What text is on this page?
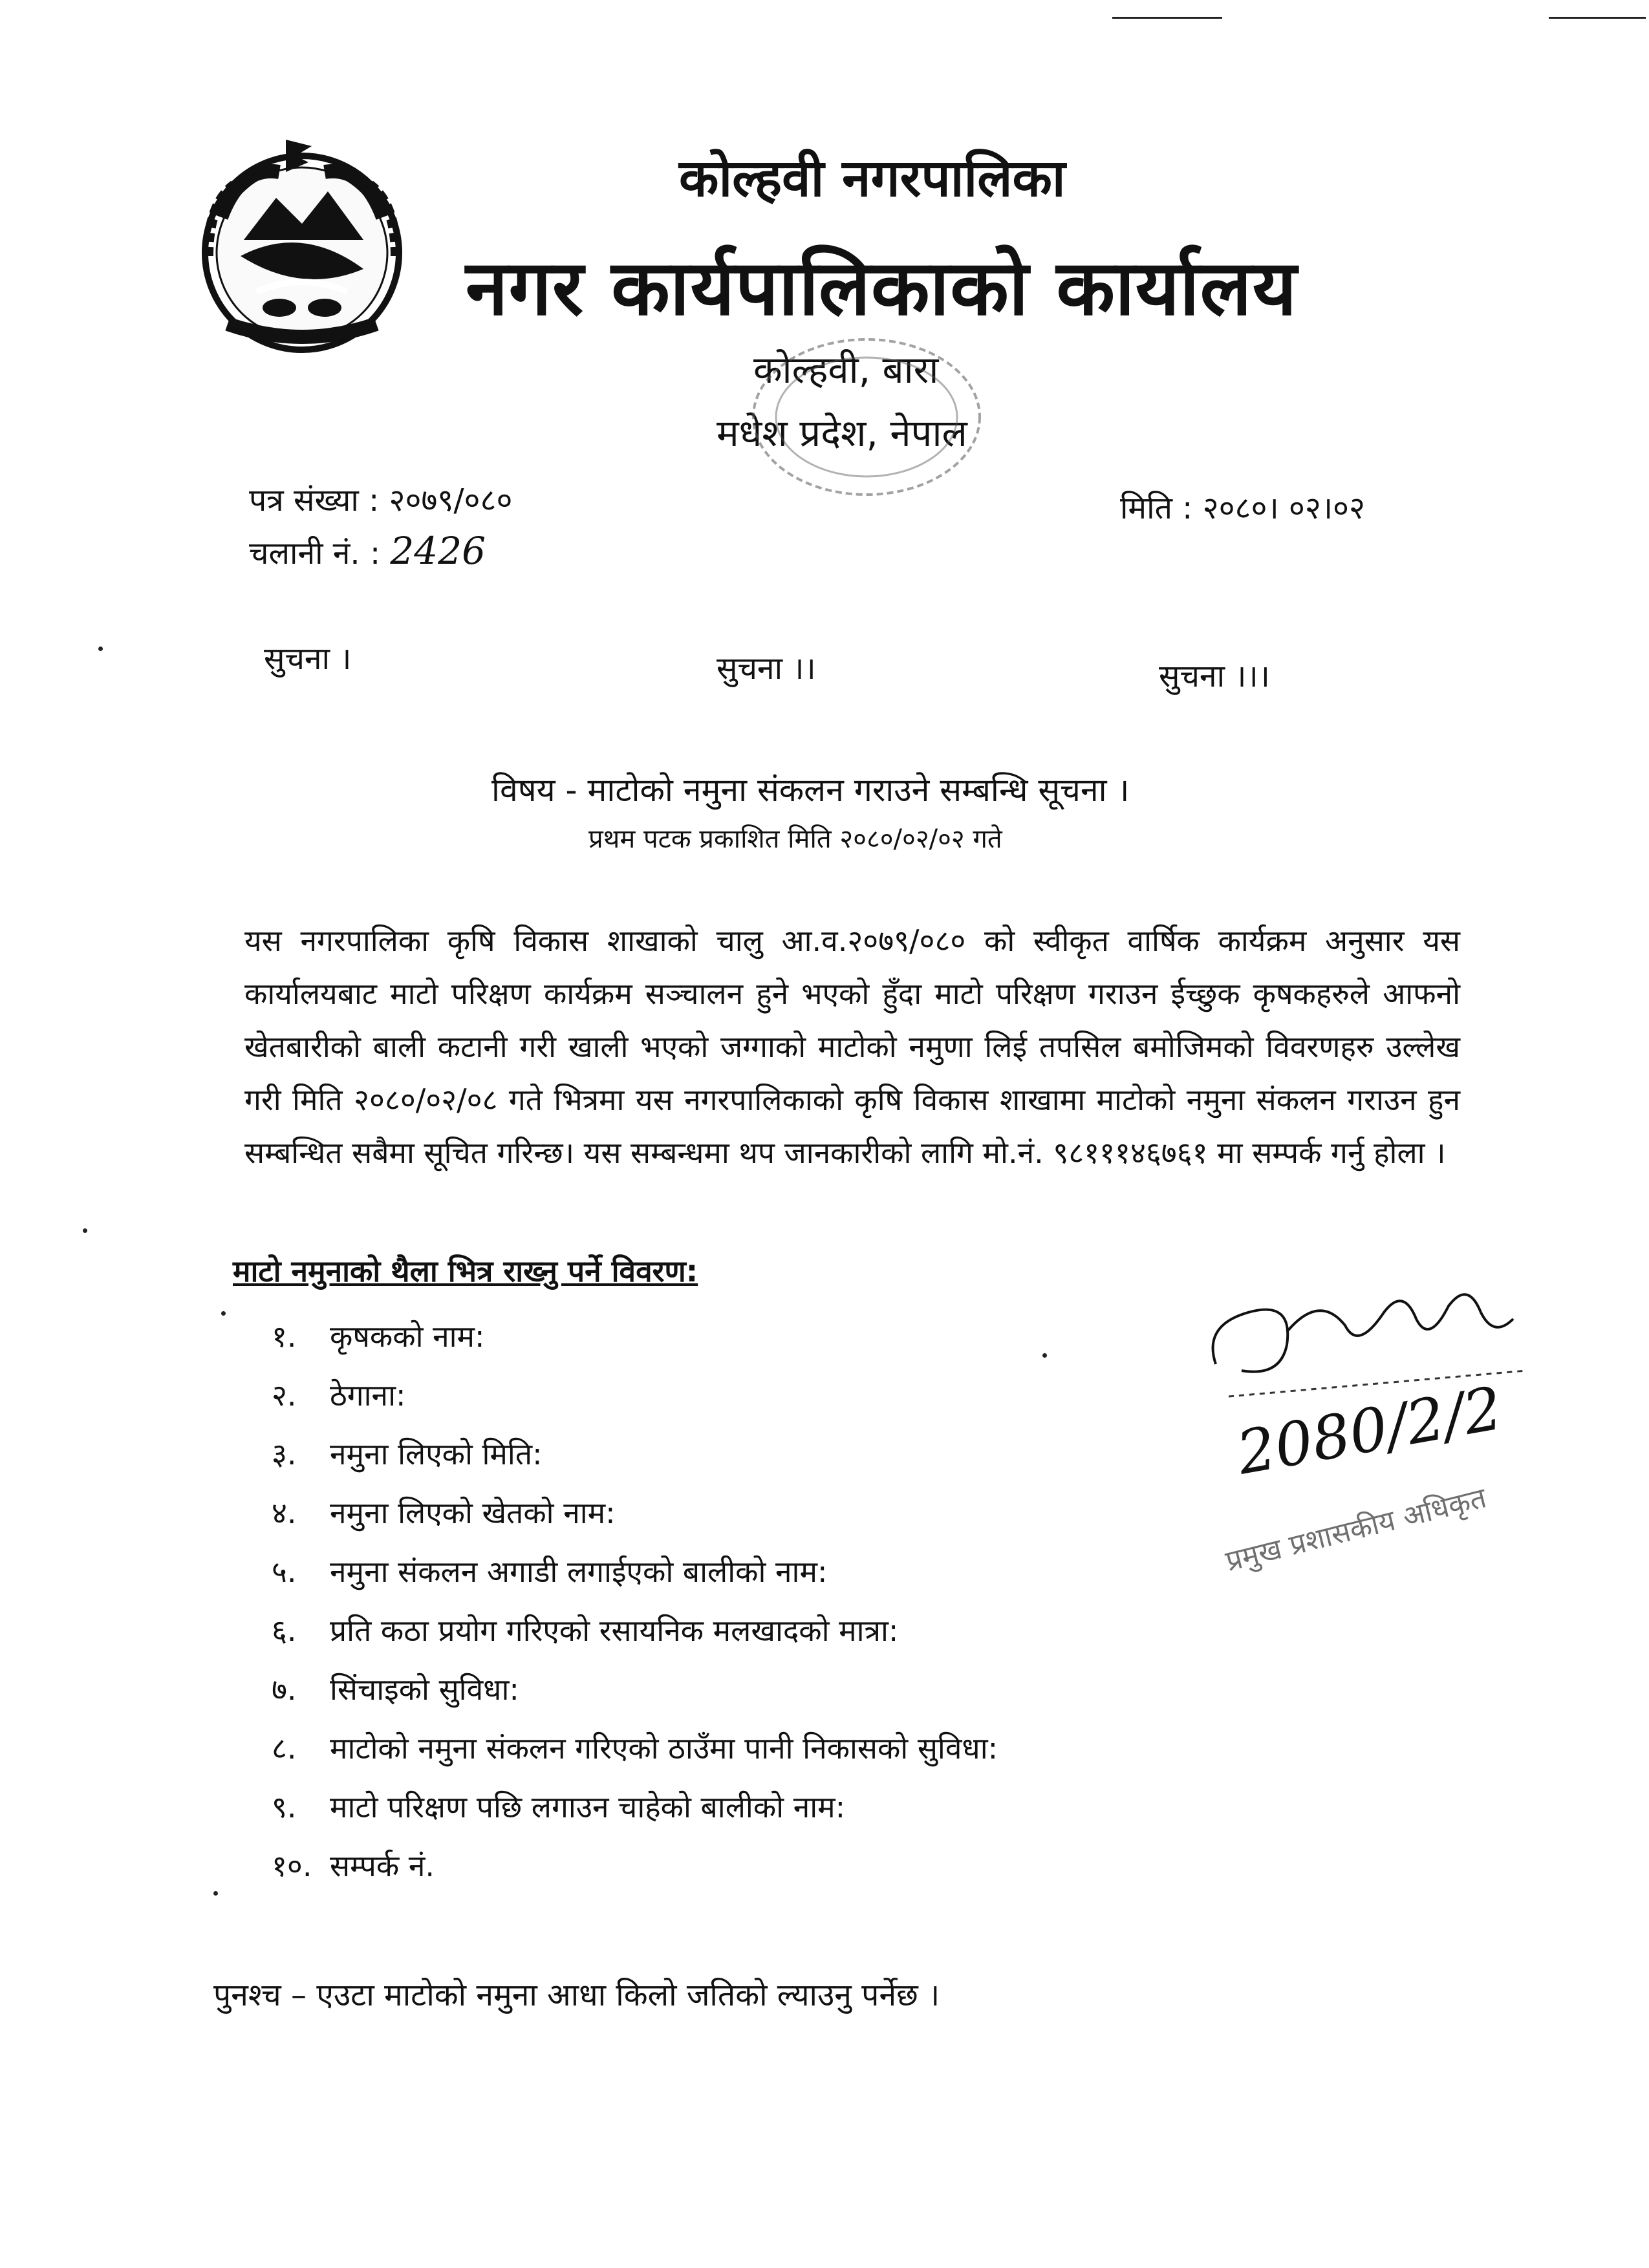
कोल्हवी नगरपालिका
नगर कार्यपालिकाको कार्यालय
कोल्हवी, बारा
मधेश प्रदेश, नेपाल
पत्र संख्या : २०७९/०८०
चलानी नं. : 2426
मिति : २०८०। ०२।०२
सुचना ।	सुचना ।।	सुचना ।।।
विषय - माटोको नमुना संकलन गराउने सम्बन्धि सूचना ।
प्रथम पटक प्रकाशित मिति २०८०/०२/०२ गते
यस नगरपालिका कृषि विकास शाखाको चालु आ.व.२०७९/०८० को स्वीकृत वार्षिक कार्यक्रम अनुसार यस कार्यालयबाट माटो परिक्षण कार्यक्रम सञ्चालन हुने भएको हुँदा माटो परिक्षण गराउन ईच्छुक कृषकहरुले आफनो खेतबारीको बाली कटानी गरी खाली भएको जग्गाको माटोको नमुणा लिई तपसिल बमोजिमको विवरणहरु उल्लेख गरी मिति २०८०/०२/०८ गते भित्रमा यस नगरपालिकाको कृषि विकास शाखामा माटोको नमुना संकलन गराउन हुन सम्बन्धित सबैमा सूचित गरिन्छ। यस सम्बन्धमा थप जानकारीको लागि मो.नं. ९८१११४६७६१ मा सम्पर्क गर्नु होला ।
माटो नमुनाको थैला भित्र राख्नु पर्ने विवरण:
१. कृषकको नाम:
२. ठेगाना:
३. नमुना लिएको मिति:
४. नमुना लिएको खेतको नाम:
५. नमुना संकलन अगाडी लगाईएको बालीको नाम:
६. प्रति कठा प्रयोग गरिएको रसायनिक मलखादको मात्रा:
७. सिंचाइको सुविधा:
८. माटोको नमुना संकलन गरिएको ठाउँमा पानी निकासको सुविधा:
९. माटो परिक्षण पछि लगाउन चाहेको बालीको नाम:
१०. सम्पर्क नं.
2080/2/2
प्रमुख प्रशासकीय अधिकृत
पुनश्च – एउटा माटोको नमुना आधा किलो जतिको ल्याउनु पर्नेछ ।
